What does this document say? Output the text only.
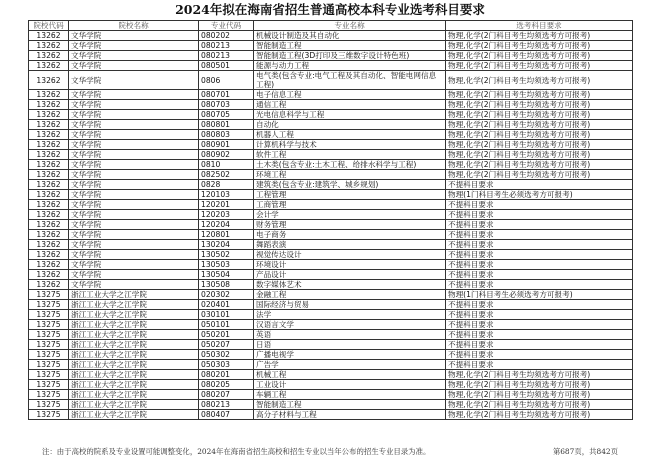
2024年拟在海南省招生普通高校本科专业选考科目要求
院校代码	院校名称	专业代码	专业名称	选考科目要求
13262	文华学院	080202	机械设计制造及其自动化	物理,化学(2门科目考生均须选考方可报考)
13262	文华学院	080213	智能制造工程	物理,化学(2门科目考生均须选考方可报考)
13262	文华学院	080213	智能制造工程(3D打印及三维数字设计特色班)	物理,化学(2门科目考生均须选考方可报考)
13262	文华学院	080501	能源与动力工程	物理,化学(2门科目考生均须选考方可报考)
13262	文华学院	0806	电气类(包含专业:电气工程及其自动化、智能电网信息工程)	物理,化学(2门科目考生均须选考方可报考)
13262	文华学院	080701	电子信息工程	物理,化学(2门科目考生均须选考方可报考)
13262	文华学院	080703	通信工程	物理,化学(2门科目考生均须选考方可报考)
13262	文华学院	080705	光电信息科学与工程	物理,化学(2门科目考生均须选考方可报考)
13262	文华学院	080801	自动化	物理,化学(2门科目考生均须选考方可报考)
13262	文华学院	080803	机器人工程	物理,化学(2门科目考生均须选考方可报考)
13262	文华学院	080901	计算机科学与技术	物理,化学(2门科目考生均须选考方可报考)
13262	文华学院	080902	软件工程	物理,化学(2门科目考生均须选考方可报考)
13262	文华学院	0810	土木类(包含专业:土木工程、给排水科学与工程)	物理,化学(2门科目考生均须选考方可报考)
13262	文华学院	082502	环境工程	物理,化学(2门科目考生均须选考方可报考)
13262	文华学院	0828	建筑类(包含专业:建筑学、城乡规划)	不提科目要求
13262	文华学院	120103	工程管理	物理(1门科目考生必须选考方可报考)
13262	文华学院	120201	工商管理	不提科目要求
13262	文华学院	120203	会计学	不提科目要求
13262	文华学院	120204	财务管理	不提科目要求
13262	文华学院	120801	电子商务	不提科目要求
13262	文华学院	130204	舞蹈表演	不提科目要求
13262	文华学院	130502	视觉传达设计	不提科目要求
13262	文华学院	130503	环境设计	不提科目要求
13262	文华学院	130504	产品设计	不提科目要求
13262	文华学院	130508	数字媒体艺术	不提科目要求
13275	浙江工业大学之江学院	020302	金融工程	物理(1门科目考生必须选考方可报考)
13275	浙江工业大学之江学院	020401	国际经济与贸易	不提科目要求
13275	浙江工业大学之江学院	030101	法学	不提科目要求
13275	浙江工业大学之江学院	050101	汉语言文学	不提科目要求
13275	浙江工业大学之江学院	050201	英语	不提科目要求
13275	浙江工业大学之江学院	050207	日语	不提科目要求
13275	浙江工业大学之江学院	050302	广播电视学	不提科目要求
13275	浙江工业大学之江学院	050303	广告学	不提科目要求
13275	浙江工业大学之江学院	080201	机械工程	物理,化学(2门科目考生均须选考方可报考)
13275	浙江工业大学之江学院	080205	工业设计	物理,化学(2门科目考生均须选考方可报考)
13275	浙江工业大学之江学院	080207	车辆工程	物理,化学(2门科目考生均须选考方可报考)
13275	浙江工业大学之江学院	080213	智能制造工程	物理,化学(2门科目考生均须选考方可报考)
13275	浙江工业大学之江学院	080407	高分子材料与工程	物理,化学(2门科目考生均须选考方可报考)
注：由于高校的院系及专业设置可能调整变化，2024年在海南省招生高校和招生专业以当年公布的招生专业目录为准。	第687页，共842页
